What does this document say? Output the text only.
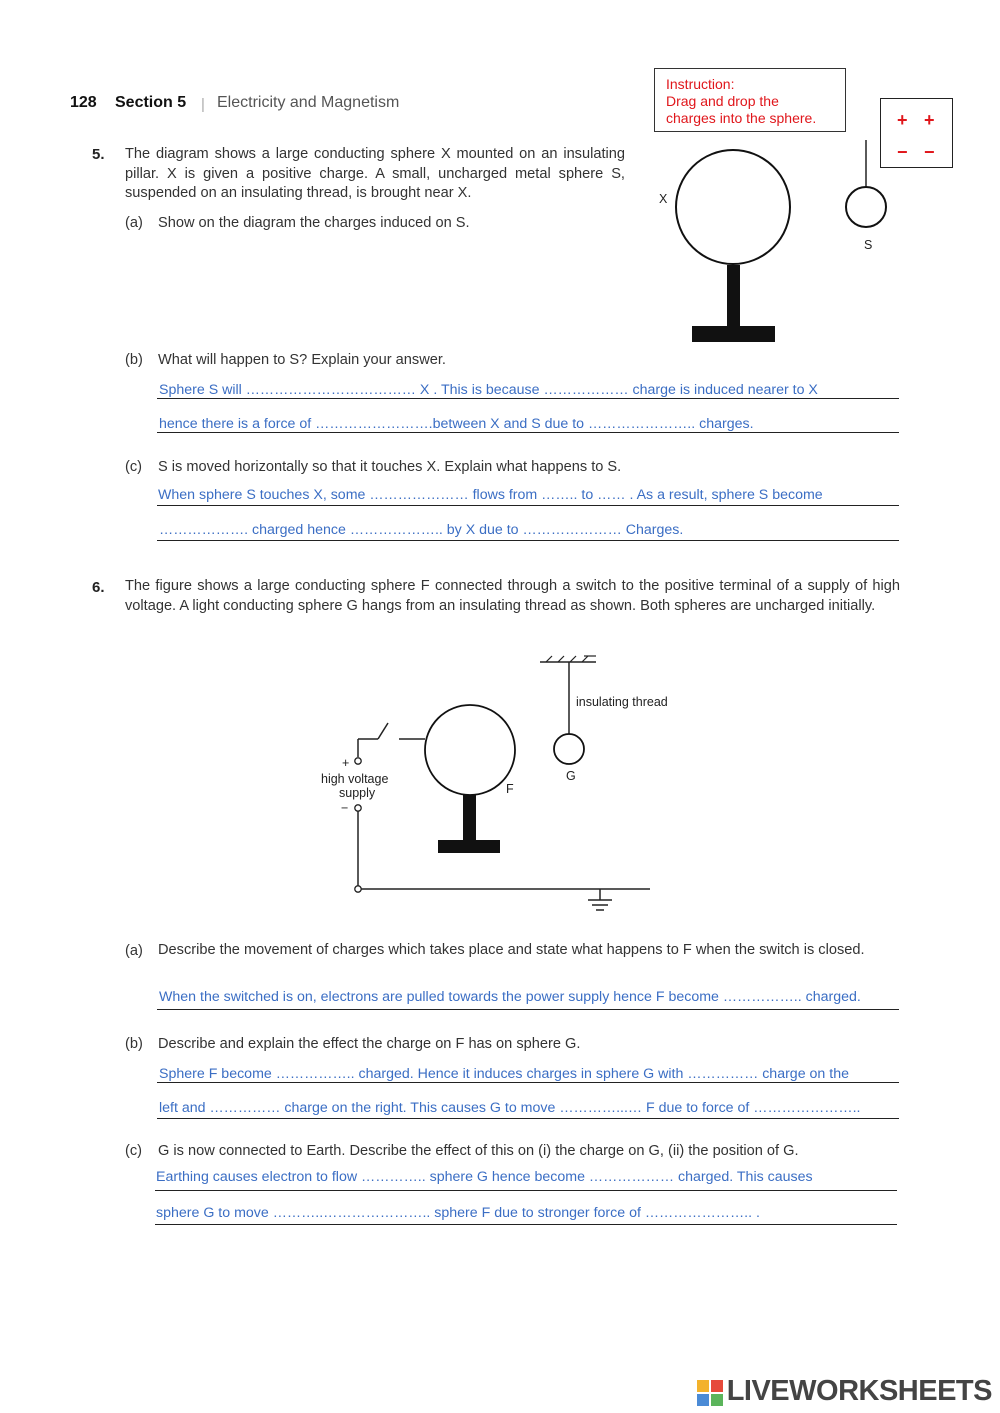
128 Section 5 | Electricity and Magnetism
Instruction:
Drag and drop the
charges into the sphere.	+ +
− −
5. The diagram shows a large conducting sphere X mounted on an insulating pillar. X is given a positive charge. A small, uncharged metal sphere S, suspended on an insulating thread, is brought near X.
(a) Show on the diagram the charges induced on S.
X
S
(b) What will happen to S? Explain your answer.
Sphere S will ……………………………… X . This is because ……………… charge is induced nearer to X
hence there is a force of …………………….between X and S due to ………………….. charges.
(c) S is moved horizontally so that it touches X. Explain what happens to S.
When sphere S touches X, some ………………… flows from …….. to …… . As a result, sphere S become
………………. charged hence ……………….. by X due to ………………… Charges.
6. The figure shows a large conducting sphere F connected through a switch to the positive terminal of a supply of high voltage. A light conducting sphere G hangs from an insulating thread as shown. Both spheres are uncharged initially.
insulating thread
+
high voltage
supply
−
F
G
(a) Describe the movement of charges which takes place and state what happens to F when the switch is closed.
When the switched is on, electrons are pulled towards the power supply hence F become …………….. charged.
(b) Describe and explain the effect the charge on F has on sphere G.
Sphere F become …………….. charged. Hence it induces charges in sphere G with …………… charge on the
left and …………… charge on the right. This causes G to move …………...… F due to force of …………………..
(c) G is now connected to Earth. Describe the effect of this on (i) the charge on G, (ii) the position of G.
Earthing causes electron to flow ………….. sphere G hence become ……………… charged. This causes
sphere G to move ………..………………….. sphere F due to stronger force of ………………….. .
LIVEWORKSHEETS
